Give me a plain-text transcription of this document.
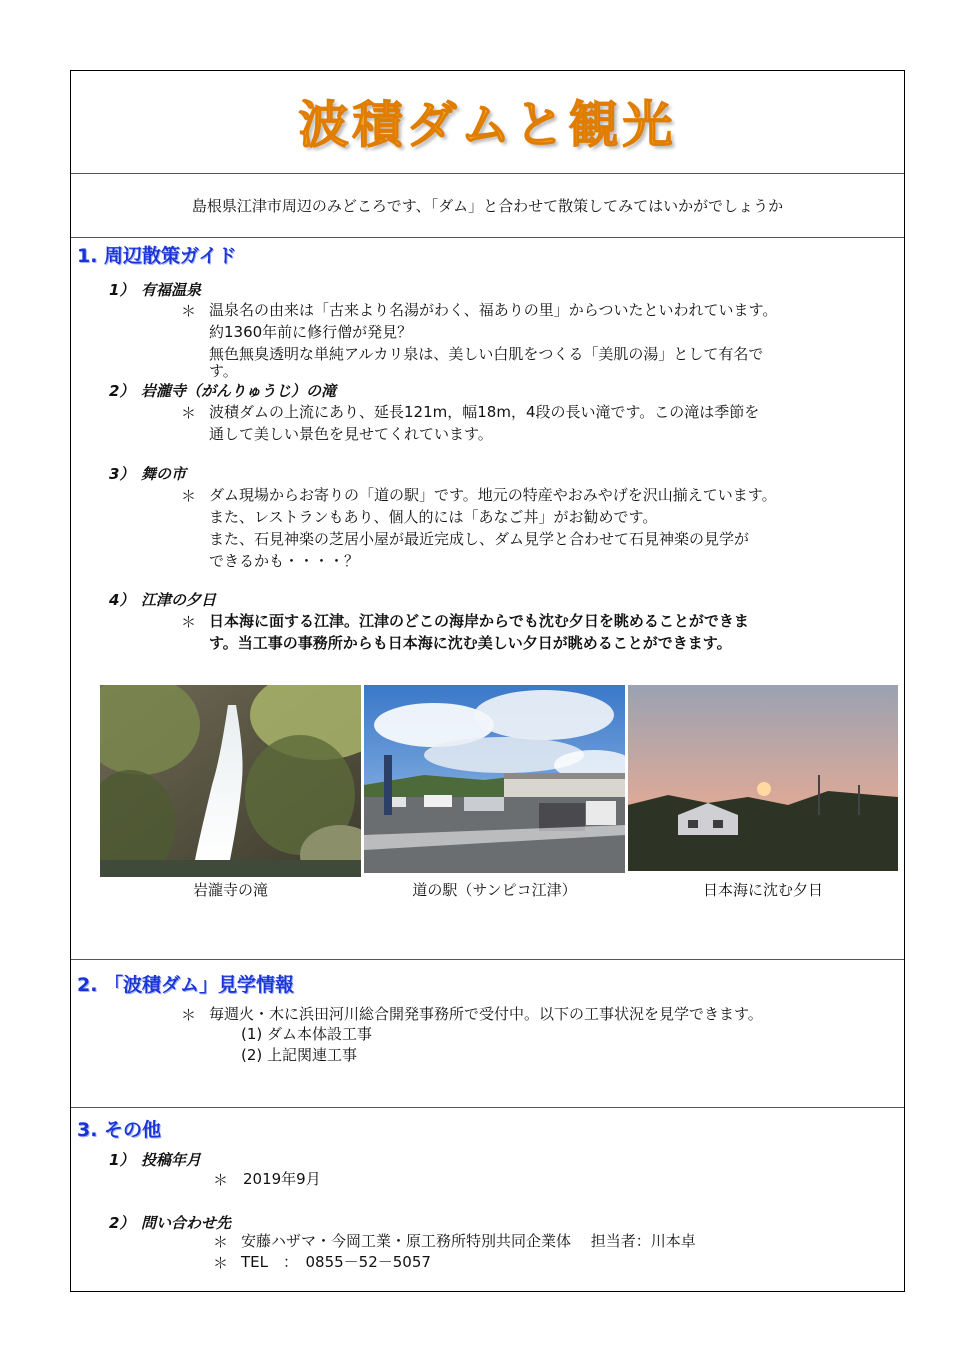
波積ダムと観光
島根県江津市周辺のみどころです、「ダム」と合わせて散策してみてはいかがでしょうか
1. 周辺散策ガイド
1） 有福温泉
＊ 温泉名の由来は「古来より名湯がわく、福ありの里」からついたといわれています。
約1360年前に修行僧が発見？
無色無臭透明な単純アルカリ泉は、美しい白肌をつくる「美肌の湯」として有名で
す。
2） 岩瀧寺（がんりゅうじ）の滝
＊ 波積ダムの上流にあり、延長121m，幅18m，4段の長い滝です。この滝は季節を
通して美しい景色を見せてくれています。
3） 舞の市
＊ ダム現場からお寄りの「道の駅」です。地元の特産やおみやげを沢山揃えています。
また、レストランもあり、個人的には「あなご丼」がお勧めです。
また、石見神楽の芝居小屋が最近完成し、ダム見学と合わせて石見神楽の見学が
できるかも・・・・？
4） 江津の夕日
＊ 日本海に面する江津。江津のどこの海岸からでも沈む夕日を眺めることができま
す。当工事の事務所からも日本海に沈む美しい夕日が眺めることができます。
岩瀧寺の滝	道の駅（サンピコ江津）	日本海に沈む夕日
2. 「波積ダム」見学情報
＊ 毎週火・木に浜田河川総合開発事務所で受付中。以下の工事状況を見学できます。
(1) ダム本体設工事
(2) 上記関連工事
3. その他
1） 投稿年月
＊ 2019年9月
2） 問い合わせ先
＊ 安藤ハザマ・今岡工業・原工務所特別共同企業体　 担当者：川本卓
＊ TEL　：　0855－52－5057
